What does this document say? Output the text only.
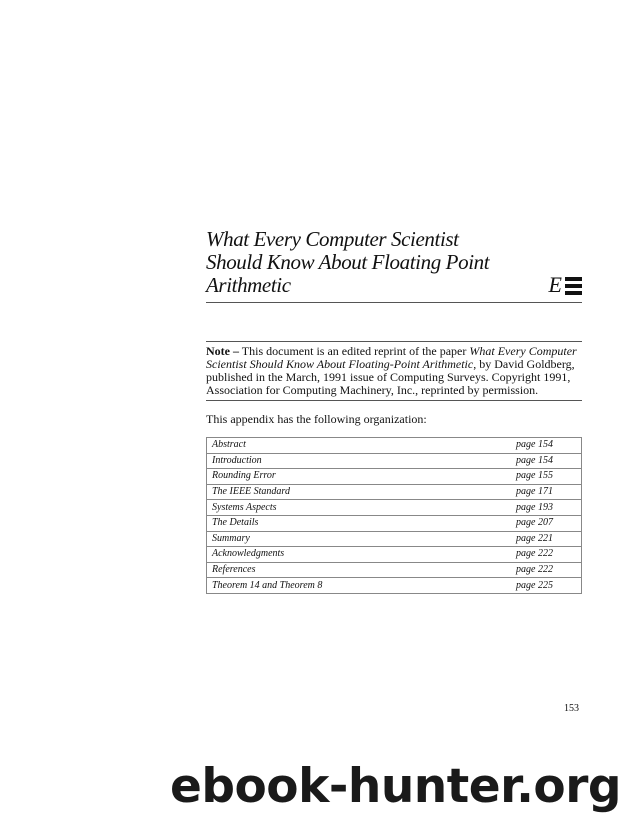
What Every Computer Scientist
Should Know About Floating Point
Arithmetic	E

Note – This document is an edited reprint of the paper What Every Computer Scientist Should Know About Floating-Point Arithmetic, by David Goldberg, published in the March, 1991 issue of Computing Surveys. Copyright 1991, Association for Computing Machinery, Inc., reprinted by permission.

This appendix has the following organization:

Abstract	page 154
Introduction	page 154
Rounding Error	page 155
The IEEE Standard	page 171
Systems Aspects	page 193
The Details	page 207
Summary	page 221
Acknowledgments	page 222
References	page 222
Theorem 14 and Theorem 8	page 225
153
ebook-hunter.org
